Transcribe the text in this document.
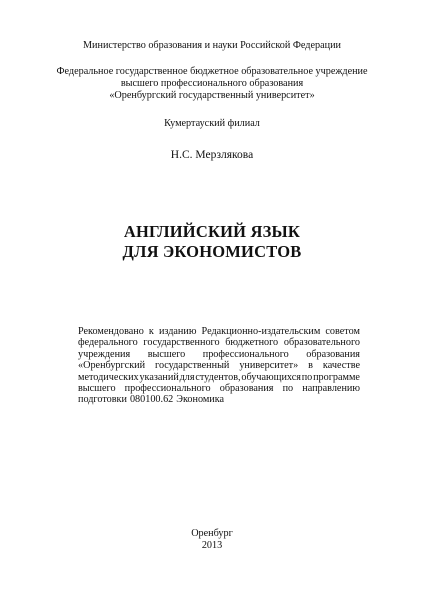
Министерство образования и науки Российской Федерации
Федеральное государственное бюджетное образовательное учреждение
высшего профессионального образования
«Оренбургский государственный университет»
Кумертауский филиал
Н.С. Мерзлякова
АНГЛИЙСКИЙ ЯЗЫК
ДЛЯ ЭКОНОМИСТОВ
Рекомендовано к изданию Редакционно-издательским советом
федерального государственного бюджетного образовательного
учреждения высшего профессионального образования
«Оренбургский государственный университет» в качестве
методических указаний для студентов, обучающихся по программе
высшего профессионального образования по направлению
подготовки 080100.62 Экономика
Оренбург
2013
